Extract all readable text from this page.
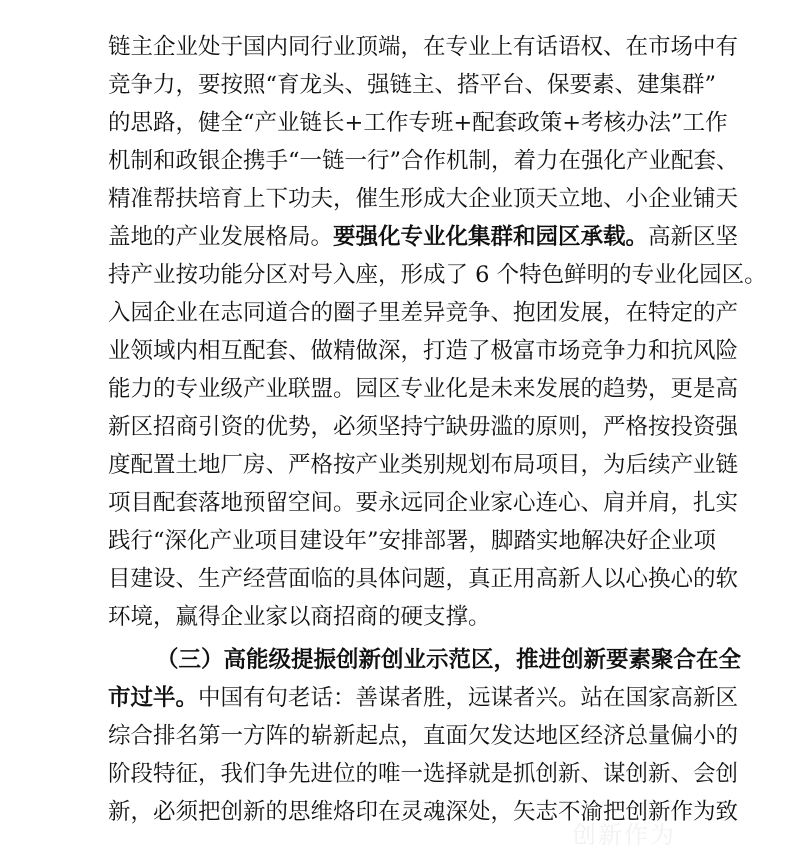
链主企业处于国内同行业顶端，在专业上有话语权、在市场中有
竞争力，要按照“育龙头、强链主、搭平台、保要素、建集群”
的思路，健全“产业链长+工作专班+配套政策+考核办法”工作
机制和政银企携手“一链一行”合作机制，着力在强化产业配套、
精准帮扶培育上下功夫，催生形成大企业顶天立地、小企业铺天
盖地的产业发展格局。要强化专业化集群和园区承载。高新区坚
持产业按功能分区对号入座，形成了 6 个特色鲜明的专业化园区。
入园企业在志同道合的圈子里差异竞争、抱团发展，在特定的产
业领域内相互配套、做精做深，打造了极富市场竞争力和抗风险
能力的专业级产业联盟。园区专业化是未来发展的趋势，更是高
新区招商引资的优势，必须坚持宁缺毋滥的原则，严格按投资强
度配置土地厂房、严格按产业类别规划布局项目，为后续产业链
项目配套落地预留空间。要永远同企业家心连心、肩并肩，扎实
践行“深化产业项目建设年”安排部署，脚踏实地解决好企业项
目建设、生产经营面临的具体问题，真正用高新人以心换心的软
环境，赢得企业家以商招商的硬支撑。
（三）高能级提振创新创业示范区，推进创新要素聚合在全
市过半。中国有句老话：善谋者胜，远谋者兴。站在国家高新区
综合排名第一方阵的崭新起点，直面欠发达地区经济总量偏小的
阶段特征，我们争先进位的唯一选择就是抓创新、谋创新、会创
新，必须把创新的思维烙印在灵魂深处，矢志不渝把创新作为致
创新作为
